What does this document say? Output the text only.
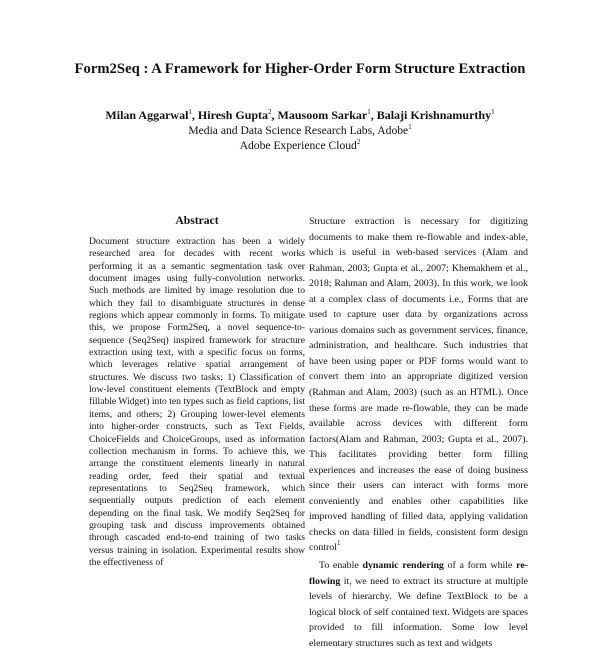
Form2Seq : A Framework for Higher-Order Form Structure Extraction
Milan Aggarwal$^1$, Hiresh Gupta$^2$, Mausoom Sarkar$^1$, Balaji Krishnamurthy$^1$
Media and Data Science Research Labs, Adobe$^1$
Adobe Experience Cloud$^2$
Abstract
Document structure extraction has been a widely researched area for decades with recent works performing it as a semantic segmentation task over document images using fully-convolution networks. Such methods are limited by image resolution due to which they fail to disambiguate structures in dense regions which appear commonly in forms. To mitigate this, we propose Form2Seq, a novel sequence-to-sequence (Seq2Seq) inspired framework for structure extraction using text, with a specific focus on forms, which leverages relative spatial arrangement of structures. We discuss two tasks; 1) Classification of low-level constituent elements (TextBlock and empty fillable Widget) into ten types such as field captions, list items, and others; 2) Grouping lower-level elements into higher-order constructs, such as Text Fields, ChoiceFields and ChoiceGroups, used as information collection mechanism in forms. To achieve this, we arrange the constituent elements linearly in natural reading order, feed their spatial and textual representations to Seq2Seq framework, which sequentially outputs prediction of each element depending on the final task. We modify Seq2Seq for grouping task and discuss improvements obtained through cascaded end-to-end training of two tasks versus training in isolation. Experimental results show the effectiveness of

Structure extraction is necessary for digitizing documents to make them re-flowable and index-able, which is useful in web-based services (Alam and Rahman, 2003; Gupta et al., 2007; Khemakhem et al., 2018; Rahman and Alam, 2003). In this work, we look at a complex class of documents i.e., Forms that are used to capture user data by organizations across various domains such as government services, finance, administration, and healthcare. Such industries that have been using paper or PDF forms would want to convert them into an appropriate digitized version (Rahman and Alam, 2003) (such as an HTML). Once these forms are made re-flowable, they can be made available across devices with different form factors(Alam and Rahman, 2003; Gupta et al., 2007). This facilitates providing better form filling experiences and increases the ease of doing business since their users can interact with forms more conveniently and enables other capabilities like improved handling of filled data, applying validation checks on data filled in fields, consistent form design control$^1$

To enable dynamic rendering of a form while re-flowing it, we need to extract its structure at multiple levels of hierarchy. We define TextBlock to be a logical block of self contained text. Widgets are spaces provided to fill information. Some low level elementary structures such as text and widgets
